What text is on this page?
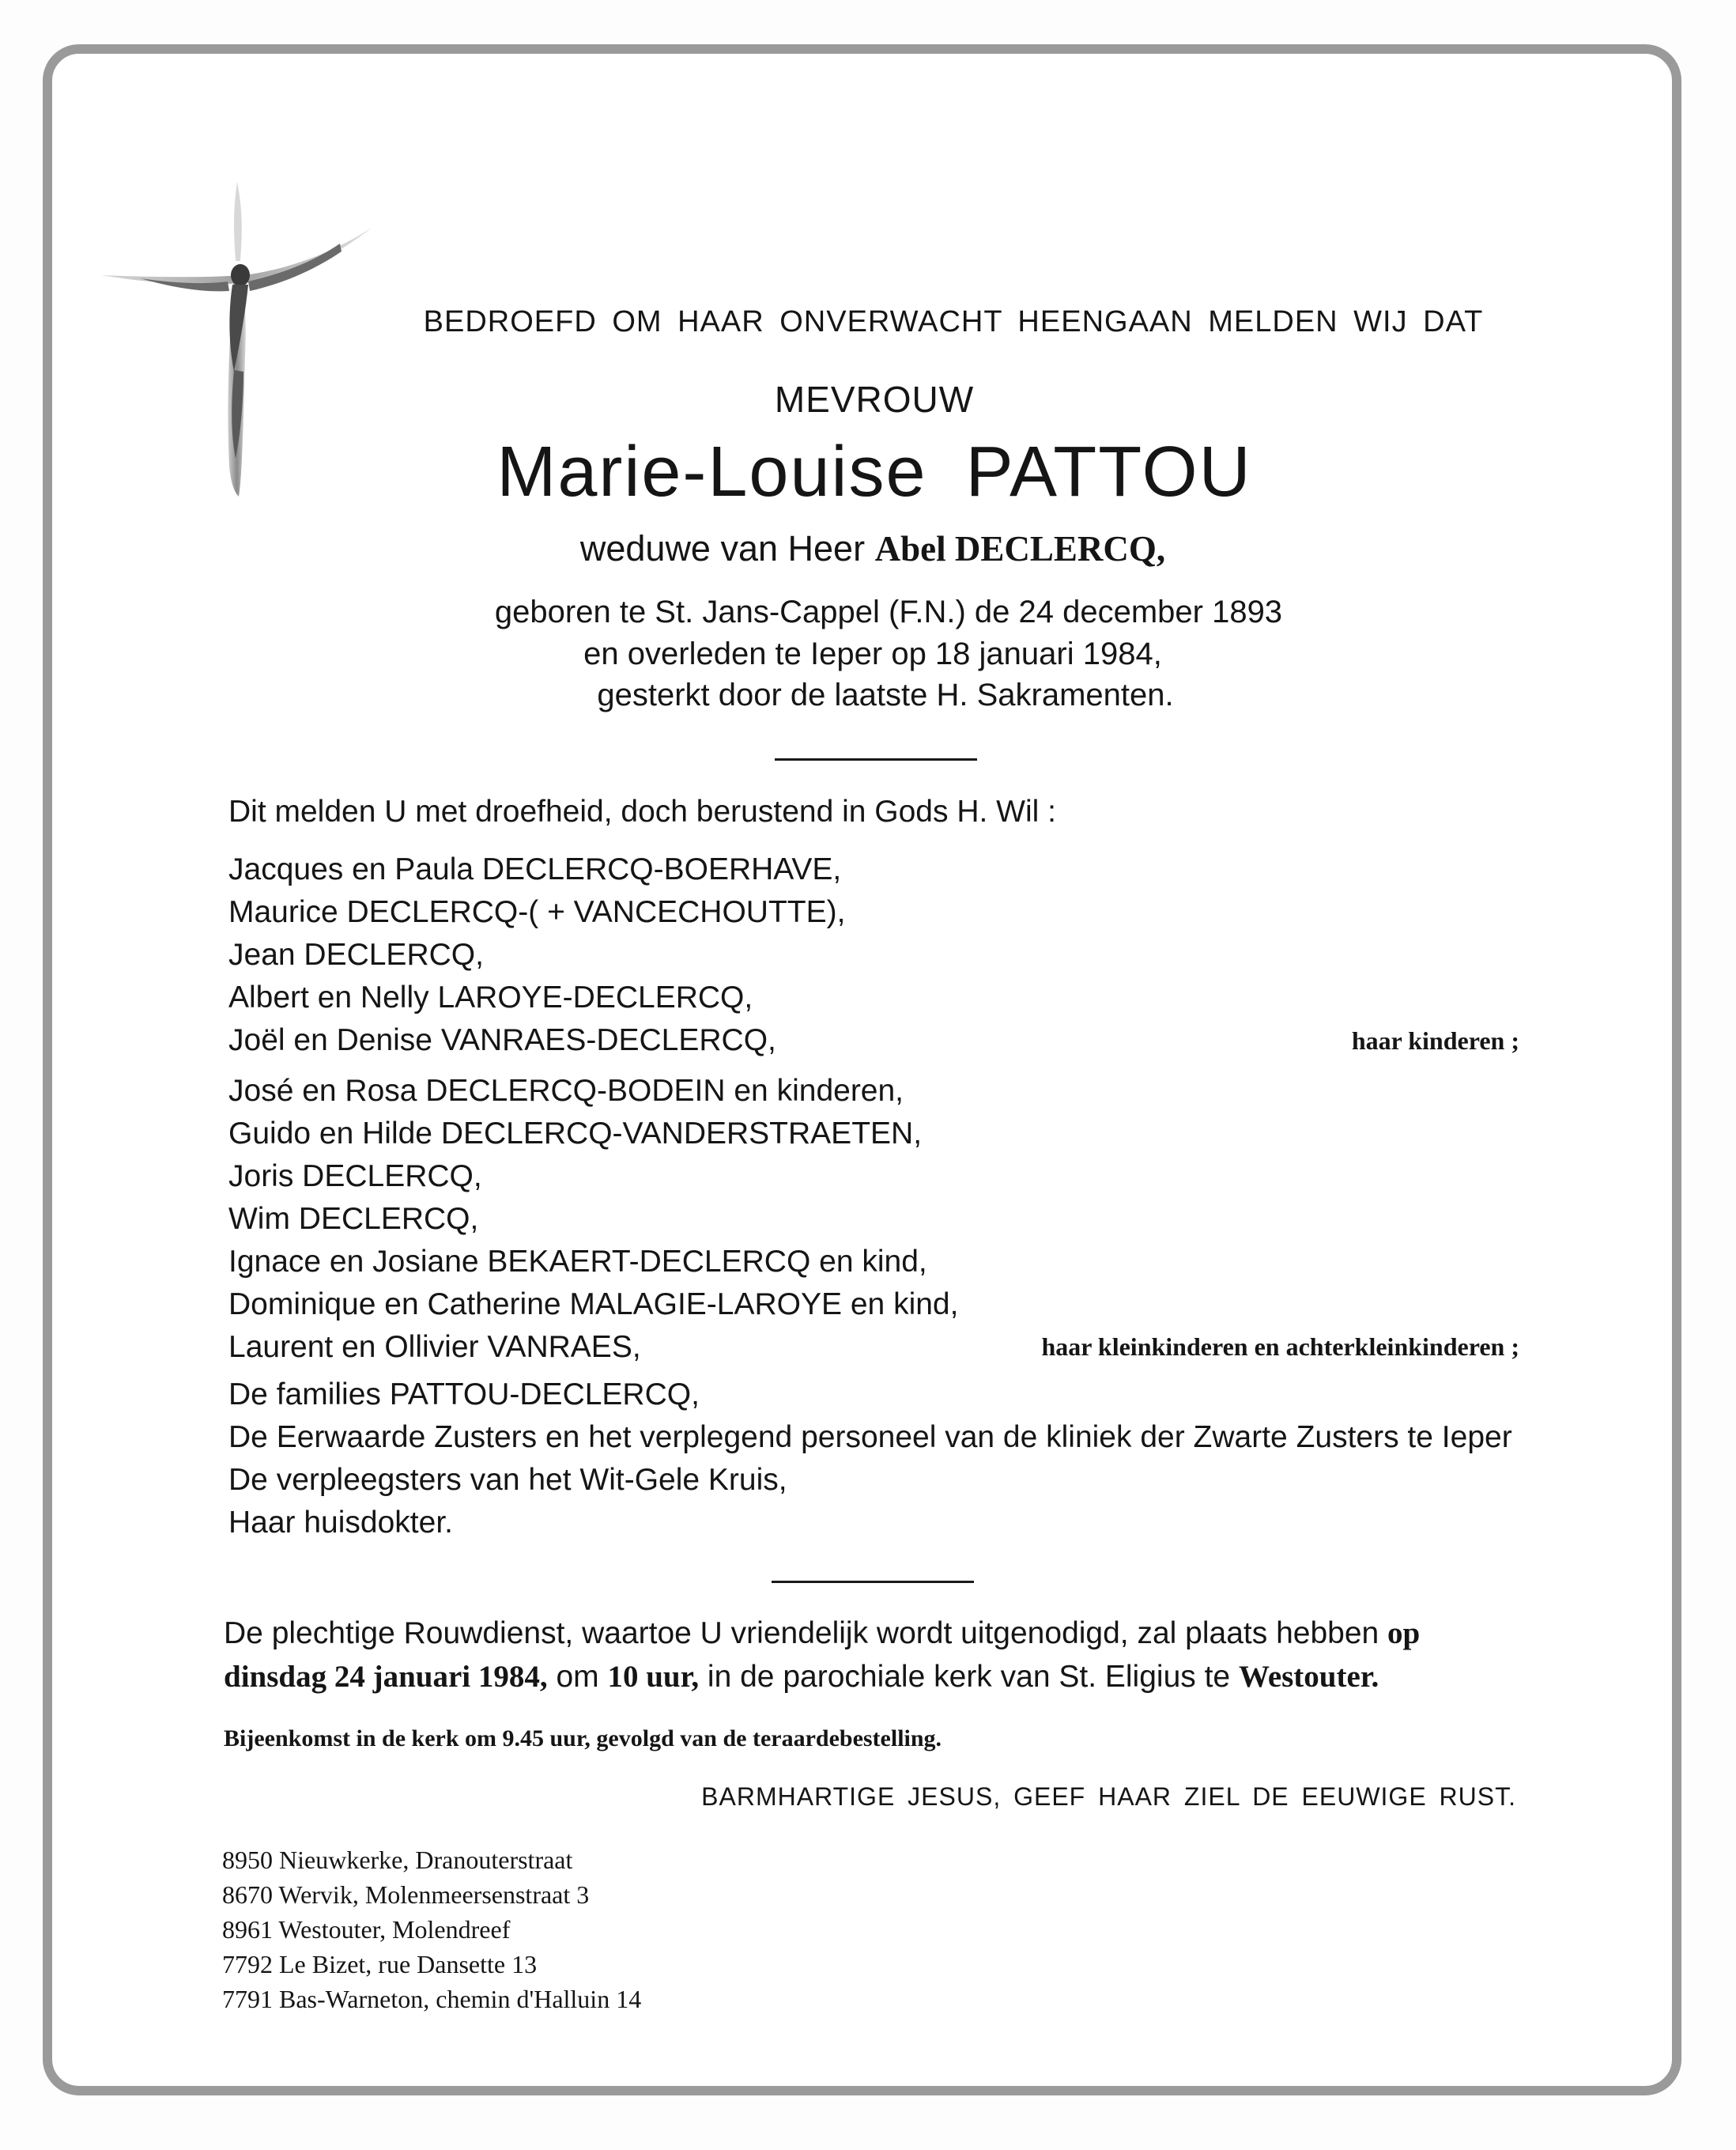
BEDROEFD OM HAAR ONVERWACHT HEENGAAN MELDEN WIJ DAT
MEVROUW
Marie-Louise PATTOU
weduwe van Heer Abel DECLERCQ,
geboren te St. Jans-Cappel (F.N.) de 24 december 1893
en overleden te Ieper op 18 januari 1984,
gesterkt door de laatste H. Sakramenten.
Dit melden U met droefheid, doch berustend in Gods H. Wil :
Jacques en Paula DECLERCQ-BOERHAVE,
Maurice DECLERCQ-( + VANCECHOUTTE),
Jean DECLERCQ,
Albert en Nelly LAROYE-DECLERCQ,
Joël en Denise VANRAES-DECLERCQ,	haar kinderen ;
José en Rosa DECLERCQ-BODEIN en kinderen,
Guido en Hilde DECLERCQ-VANDERSTRAETEN,
Joris DECLERCQ,
Wim DECLERCQ,
Ignace en Josiane BEKAERT-DECLERCQ en kind,
Dominique en Catherine MALAGIE-LAROYE en kind,
Laurent en Ollivier VANRAES,	haar kleinkinderen en achterkleinkinderen ;
De families PATTOU-DECLERCQ,
De Eerwaarde Zusters en het verplegend personeel van de kliniek der Zwarte Zusters te Ieper
De verpleegsters van het Wit-Gele Kruis,
Haar huisdokter.
De plechtige Rouwdienst, waartoe U vriendelijk wordt uitgenodigd, zal plaats hebben op dinsdag 24 januari 1984, om 10 uur, in de parochiale kerk van St. Eligius te Westouter.
Bijeenkomst in de kerk om 9.45 uur, gevolgd van de teraardebestelling.
BARMHARTIGE JESUS, GEEF HAAR ZIEL DE EEUWIGE RUST.
8950 Nieuwkerke, Dranouterstraat
8670 Wervik, Molenmeersenstraat 3
8961 Westouter, Molendreef
7792 Le Bizet, rue Dansette 13
7791 Bas-Warneton, chemin d'Halluin 14
